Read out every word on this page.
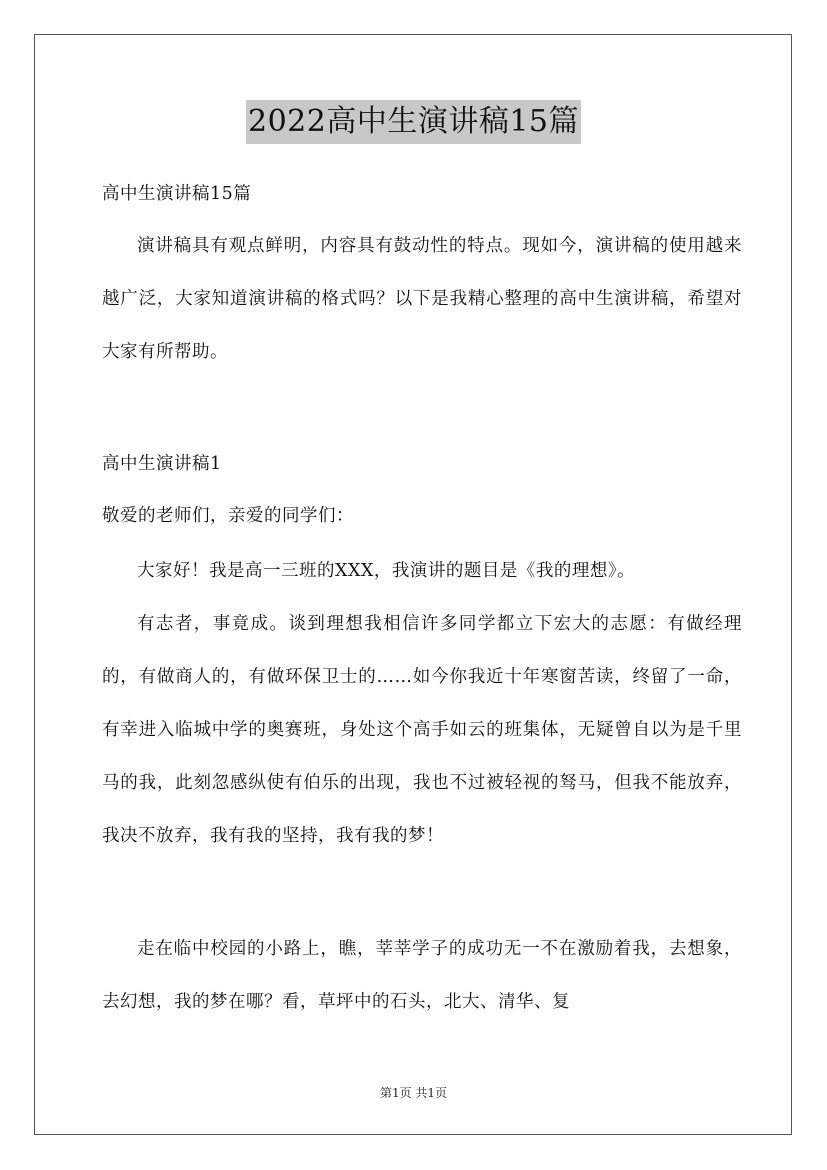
2022高中生演讲稿15篇
高中生演讲稿15篇
演讲稿具有观点鲜明，内容具有鼓动性的特点。现如今，演讲稿的使用越来越广泛，大家知道演讲稿的格式吗？以下是我精心整理的高中生演讲稿，希望对大家有所帮助。
高中生演讲稿1
敬爱的老师们，亲爱的同学们：
大家好！我是高一三班的XXX，我演讲的题目是《我的理想》。
有志者，事竟成。谈到理想我相信许多同学都立下宏大的志愿：有做经理的，有做商人的，有做环保卫士的……如今你我近十年寒窗苦读，终留了一命，有幸进入临城中学的奥赛班，身处这个高手如云的班集体，无疑曾自以为是千里马的我，此刻忽感纵使有伯乐的出现，我也不过被轻视的驽马，但我不能放弃，我决不放弃，我有我的坚持，我有我的梦！
走在临中校园的小路上，瞧，莘莘学子的成功无一不在激励着我，去想象，去幻想，我的梦在哪？看，草坪中的石头，北大、清华、复
第1页 共1页
